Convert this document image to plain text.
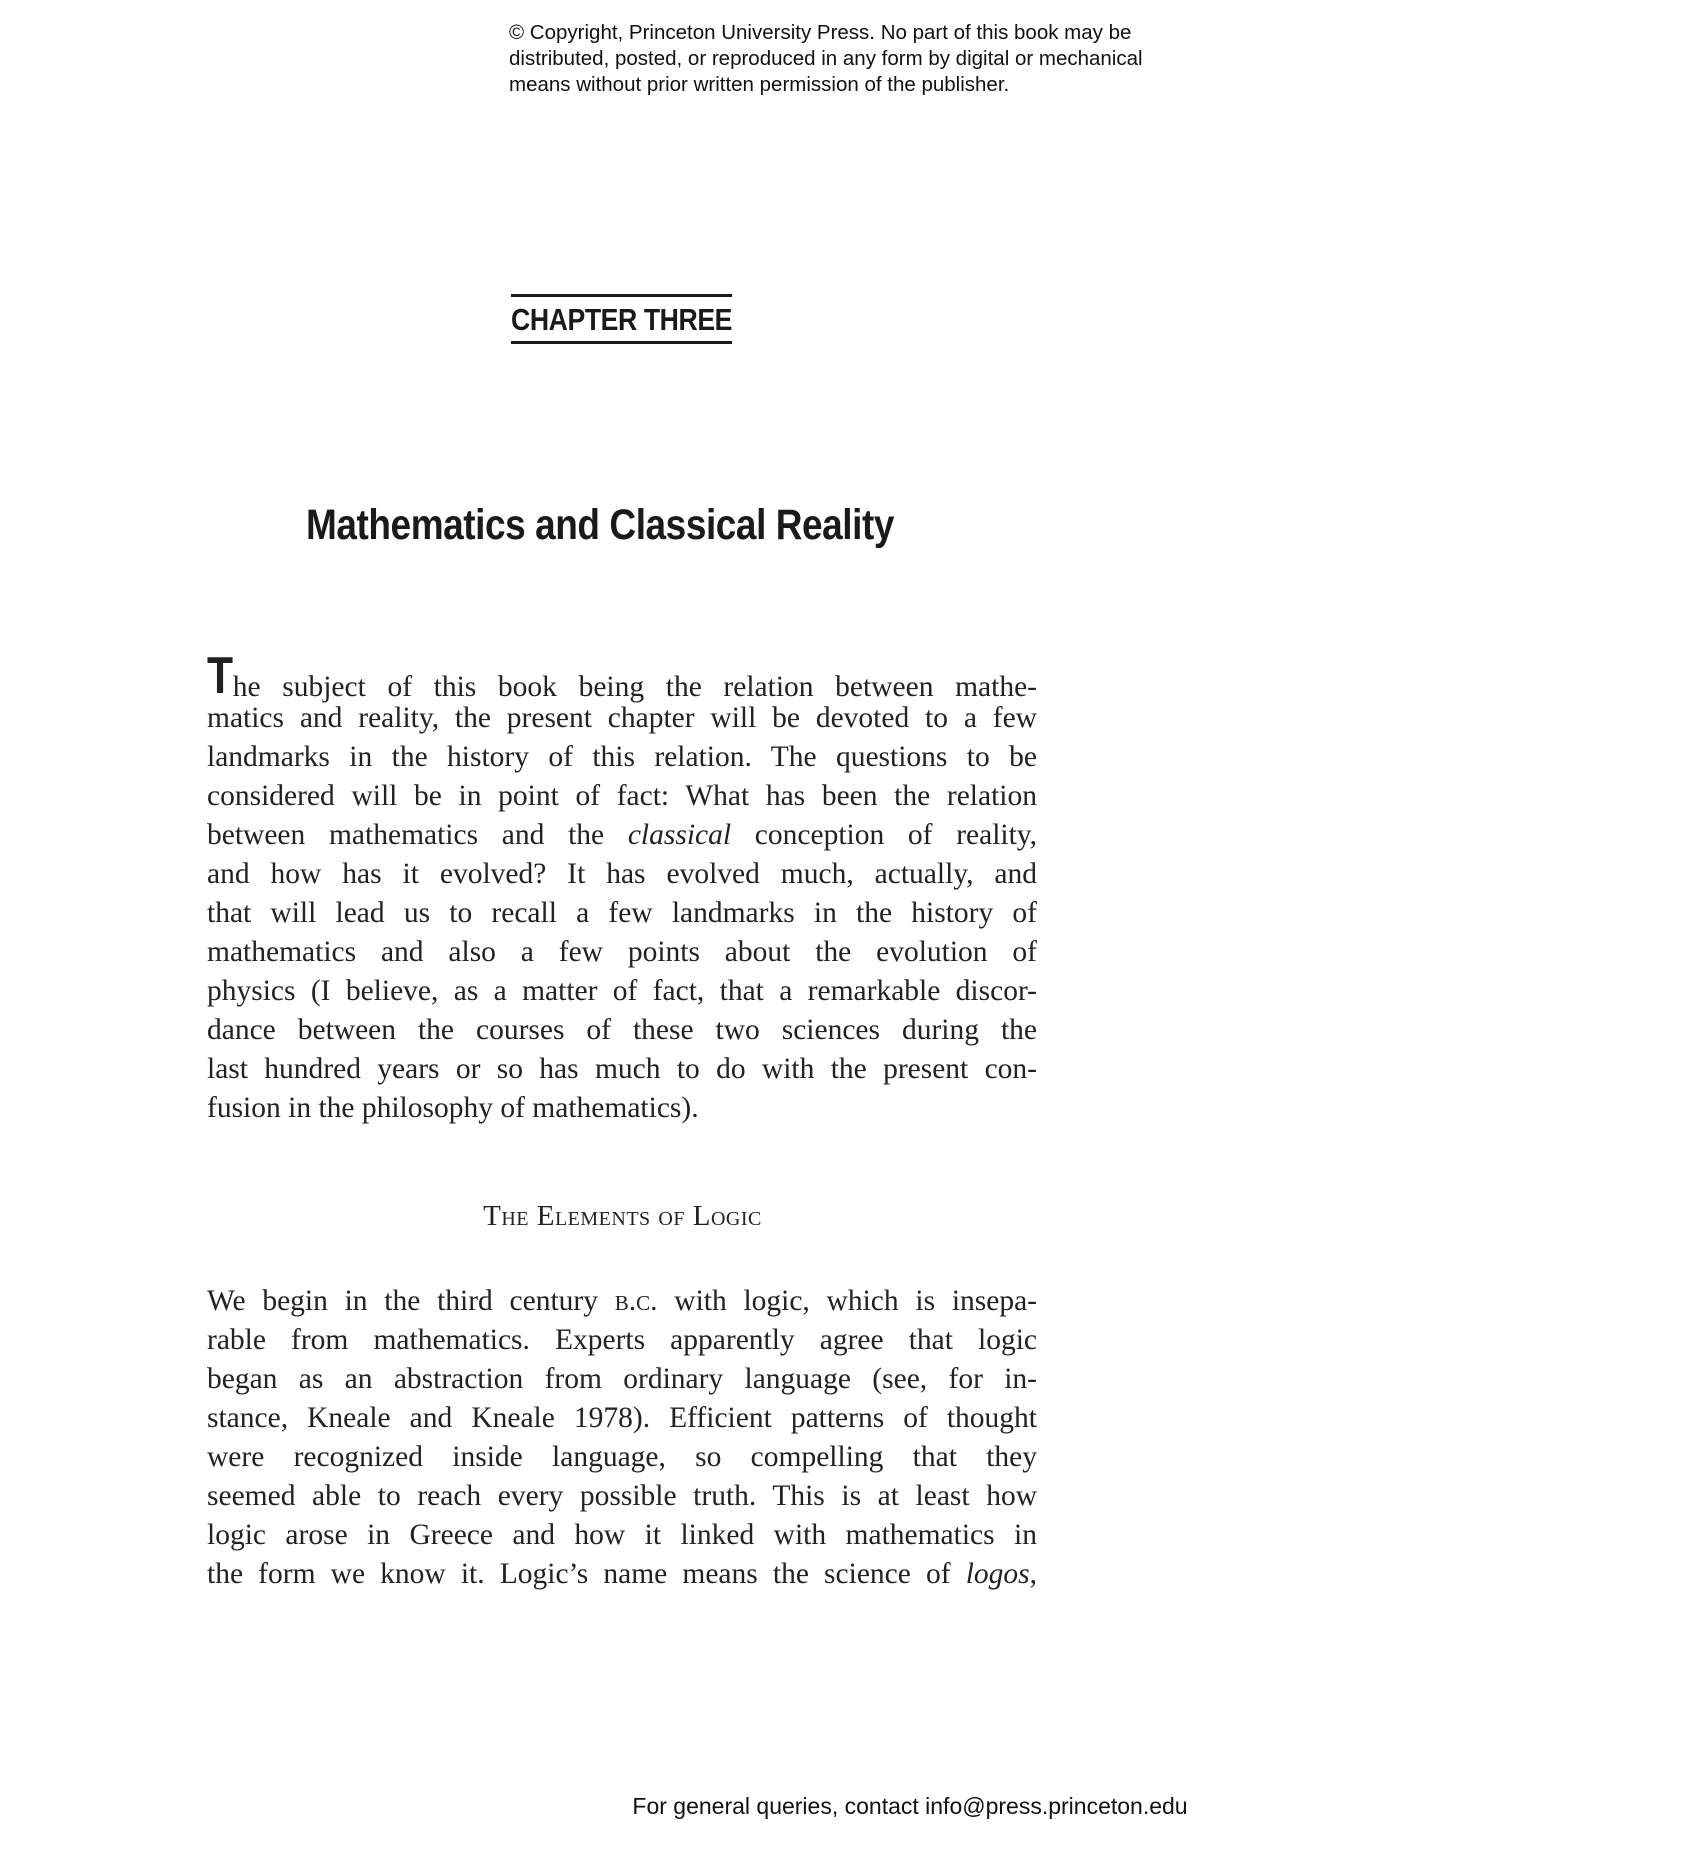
© Copyright, Princeton University Press. No part of this book may be
distributed, posted, or reproduced in any form by digital or mechanical
means without prior written permission of the publisher.
CHAPTER THREE
Mathematics and Classical Reality
The subject of this book being the relation between mathe-
matics and reality, the present chapter will be devoted to a few
landmarks in the history of this relation. The questions to be
considered will be in point of fact: What has been the relation
between mathematics and the classical conception of reality,
and how has it evolved? It has evolved much, actually, and
that will lead us to recall a few landmarks in the history of
mathematics and also a few points about the evolution of
physics (I believe, as a matter of fact, that a remarkable discor-
dance between the courses of these two sciences during the
last hundred years or so has much to do with the present con-
fusion in the philosophy of mathematics).
The Elements of Logic
We begin in the third century b.c. with logic, which is insepa-
rable from mathematics. Experts apparently agree that logic
began as an abstraction from ordinary language (see, for in-
stance, Kneale and Kneale 1978). Efficient patterns of thought
were recognized inside language, so compelling that they
seemed able to reach every possible truth. This is at least how
logic arose in Greece and how it linked with mathematics in
the form we know it. Logic’s name means the science of logos,
For general queries, contact info@press.princeton.edu
